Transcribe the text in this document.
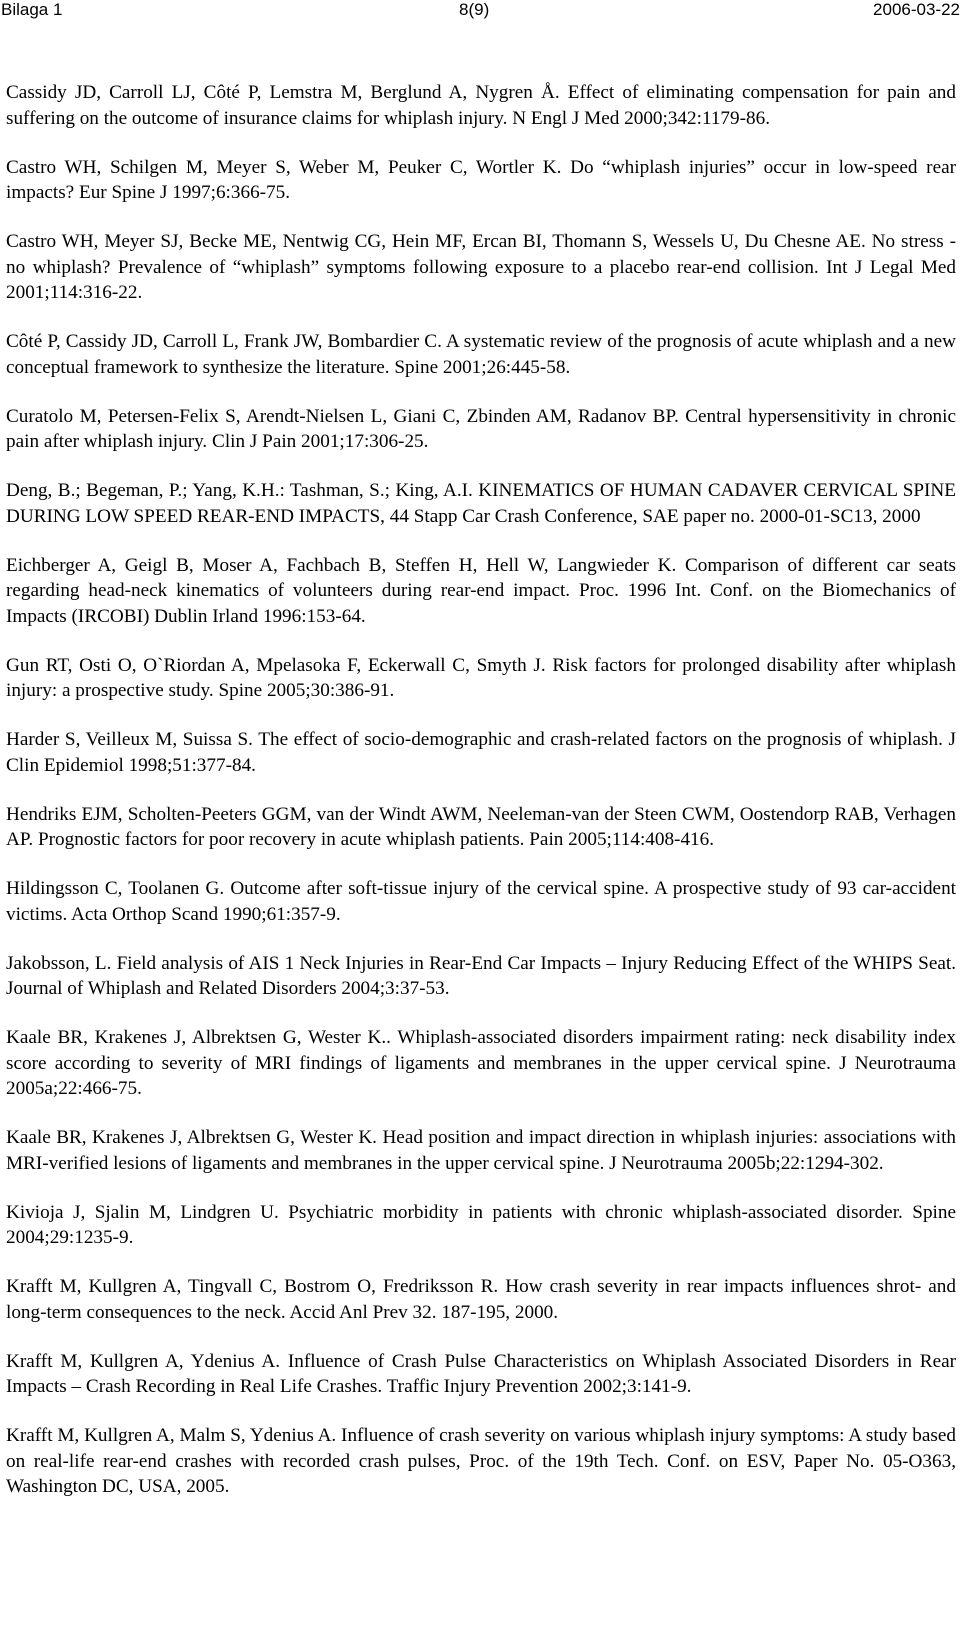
Bilaga 1	8(9)	2006-03-22

Cassidy JD, Carroll LJ, Côté P, Lemstra M, Berglund A, Nygren Å. Effect of eliminating compensation for pain and suffering on the outcome of insurance claims for whiplash injury. N Engl J Med 2000;342:1179-86.

Castro WH, Schilgen M, Meyer S, Weber M, Peuker C, Wortler K. Do “whiplash injuries” occur in low-speed rear impacts? Eur Spine J 1997;6:366-75.

Castro WH, Meyer SJ, Becke ME, Nentwig CG, Hein MF, Ercan BI, Thomann S, Wessels U, Du Chesne AE. No stress - no whiplash? Prevalence of “whiplash” symptoms following exposure to a placebo rear-end collision. Int J Legal Med 2001;114:316-22.

Côté P, Cassidy JD, Carroll L, Frank JW, Bombardier C. A systematic review of the prognosis of acute whiplash and a new conceptual framework to synthesize the literature. Spine 2001;26:445-58.

Curatolo M, Petersen-Felix S, Arendt-Nielsen L, Giani C, Zbinden AM, Radanov BP. Central hypersensitivity in chronic pain after whiplash injury. Clin J Pain 2001;17:306-25.

Deng, B.; Begeman, P.; Yang, K.H.: Tashman, S.; King, A.I. KINEMATICS OF HUMAN CADAVER CERVICAL SPINE DURING LOW SPEED REAR-END IMPACTS, 44 Stapp Car Crash Conference, SAE paper no. 2000-01-SC13, 2000

Eichberger A, Geigl B, Moser A, Fachbach B, Steffen H, Hell W, Langwieder K. Comparison of different car seats regarding head-neck kinematics of volunteers during rear-end impact. Proc. 1996 Int. Conf. on the Biomechanics of Impacts (IRCOBI) Dublin Irland 1996:153-64.

Gun RT, Osti O, O`Riordan A, Mpelasoka F, Eckerwall C, Smyth J. Risk factors for prolonged disability after whiplash injury: a prospective study. Spine 2005;30:386-91.

Harder S, Veilleux M, Suissa S. The effect of socio-demographic and crash-related factors on the prognosis of whiplash. J Clin Epidemiol 1998;51:377-84.

Hendriks EJM, Scholten-Peeters GGM, van der Windt AWM, Neeleman-van der Steen CWM, Oostendorp RAB, Verhagen AP. Prognostic factors for poor recovery in acute whiplash patients. Pain 2005;114:408-416.

Hildingsson C, Toolanen G. Outcome after soft-tissue injury of the cervical spine. A prospective study of 93 car-accident victims. Acta Orthop Scand 1990;61:357-9.

Jakobsson, L. Field analysis of AIS 1 Neck Injuries in Rear-End Car Impacts – Injury Reducing Effect of the WHIPS Seat. Journal of Whiplash and Related Disorders 2004;3:37-53.

Kaale BR, Krakenes J, Albrektsen G, Wester K.. Whiplash-associated disorders impairment rating: neck disability index score according to severity of MRI findings of ligaments and membranes in the upper cervical spine. J Neurotrauma 2005a;22:466-75.

Kaale BR, Krakenes J, Albrektsen G, Wester K. Head position and impact direction in whiplash injuries: associations with MRI-verified lesions of ligaments and membranes in the upper cervical spine. J Neurotrauma 2005b;22:1294-302.

Kivioja J, Sjalin M, Lindgren U. Psychiatric morbidity in patients with chronic whiplash-associated disorder. Spine 2004;29:1235-9.

Krafft M, Kullgren A, Tingvall C, Bostrom O, Fredriksson R. How crash severity in rear impacts influences shrot- and long-term consequences to the neck. Accid Anl Prev 32. 187-195, 2000.

Krafft M, Kullgren A, Ydenius A. Influence of Crash Pulse Characteristics on Whiplash Associated Disorders in Rear Impacts – Crash Recording in Real Life Crashes. Traffic Injury Prevention 2002;3:141-9.

Krafft M, Kullgren A, Malm S, Ydenius A. Influence of crash severity on various whiplash injury symptoms: A study based on real-life rear-end crashes with recorded crash pulses, Proc. of the 19th Tech. Conf. on ESV, Paper No. 05-O363, Washington DC, USA, 2005.
